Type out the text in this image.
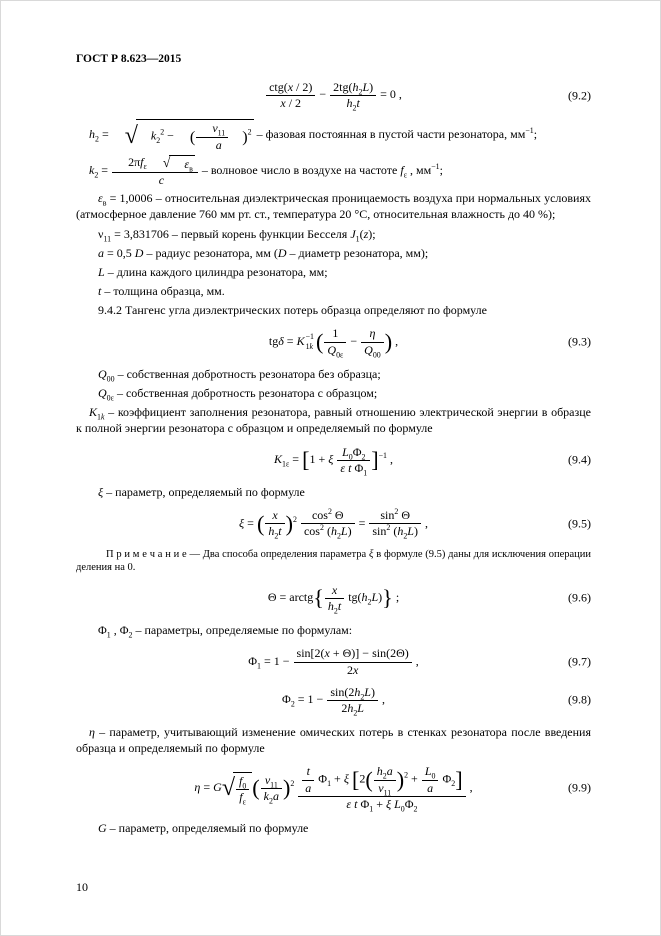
ГОСТ Р 8.623—2015
ctg(x / 2)
x / 2
− $\frac{2tg(h_2L)}{h_2t} = 0$ ,	(9.2)
$h_2$ = √	$k_2^2$ − ( $\frac{\nu_{11}}{a} )^2$ – фазовая постоянная в пустой части резонатора, $мм^{-1}$;
$k_2$ =
$2\pi f_\varepsilon$	√	$\varepsilon_в$
c
– волновое число в воздухе на частоте $f_\varepsilon$ , $мм^{-1}$;
$\varepsilon_в = 1,0006$ – относительная диэлектрическая проницаемость воздуха при нормальных условиях (атмосферное давление 760 мм рт. ст., температура 20 °С, относительная влажность до 40 %);
$\nu_{11} = 3,831706$ – первый корень функции Бесселя $J_1(z)$;
a = 0,5 D – радиус резонатора, мм (D – диаметр резонатора, мм);
L – длина каждого цилиндра резонатора, мм;
t – толщина образца, мм.
9.4.2 Тангенс угла диэлектрических потерь образца определяют по формуле
tgδ = K −1
1k ( $\frac{1}{Q_{0\varepsilon}} - \frac{\eta}{Q_{00}}$ ) ,	(9.3)
$Q_{00}$ – собственная добротность резонатора без образца;
$Q_{0\varepsilon}$ – собственная добротность резонатора с образцом;
$K_{1k}$ – коэффициент заполнения резонатора, равный отношению электрической энергии в образце к полной энергии резонатора с образцом и определяемый по формуле
$K_{1\varepsilon} = [1 + \xi \frac{L_0\Phi_2}{\varepsilon t \Phi_1} ]^{-1}$ ,	(9.4)
ξ – параметр, определяемый по формуле
ξ = ( $\frac{x}{h_2t} )^2 \frac{\cos^2 \Theta}{\cos^2 (h_2L)} = \frac{\sin^2 \Theta}{\sin^2 (h_2L)}$ ,	(9.5)
П р и м е ч а н и е — Два способа определения параметра ξ в формуле (9.5) даны для исключения операции деления на 0.
Θ = arctg{ $\frac{x}{h_2t} tg(h_2L)$} ;	(9.6)
$\Phi_1$ , $\Phi_2$ – параметры, определяемые по формулам:
$\Phi_1 = 1 - \frac{\sin[2(x + \Theta)] - \sin(2\Theta)}{2x}$ ,	(9.7)
$\Phi_2 = 1 - \frac{\sin(2h_2L)}{2h_2L}$ ,	(9.8)
η – параметр, учитывающий изменение омических потерь в стенках резонатора после введения образца и определяемый по формуле
η = G √ $\frac{f_0}{f_\varepsilon}$ ( $\frac{\nu_{11}}{k_2a} )^2 \frac{\frac{t}{a} \Phi_1 + \xi [2( \frac{h_2a}{\nu_{11}} )^2 + \frac{L_0}{a} \Phi_2]}{\varepsilon t \Phi_1 + \xi L_0\Phi_2}$ ,	(9.9)
G – параметр, определяемый по формуле
10
